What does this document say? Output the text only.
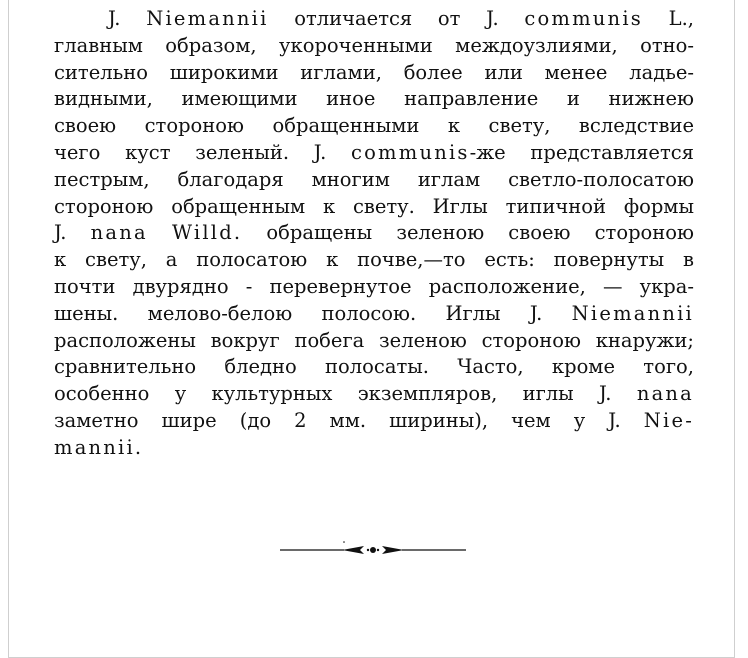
J. Niemannii отличается от J. communis L.,
главным образом, укороченными междоузлиями, отно-
сительно широкими иглами, более или менее ладье-
видными, имеющими иное направление и нижнею
своею стороною обращенными к свету, вследствие
чего куст зеленый. J. communis-же представляется
пестрым, благодаря многим иглам светло-полосатою
стороною обращенным к свету. Иглы типичной формы
J. nana Willd. обращены зеленою своею стороною
к свету, а полосатою к почве,—то есть: повернуты в
почти двурядно - перевернутое расположение, — укра-
шены. мелово-белою полосою. Иглы J. Niemannii
расположены вокруг побега зеленою стороною кнаружи;
сравнительно бледно полосаты. Часто, кроме того,
особенно у культурных экземпляров, иглы J. nana
заметно шире (до 2 мм. ширины), чем у J. Nie-
mannii.
